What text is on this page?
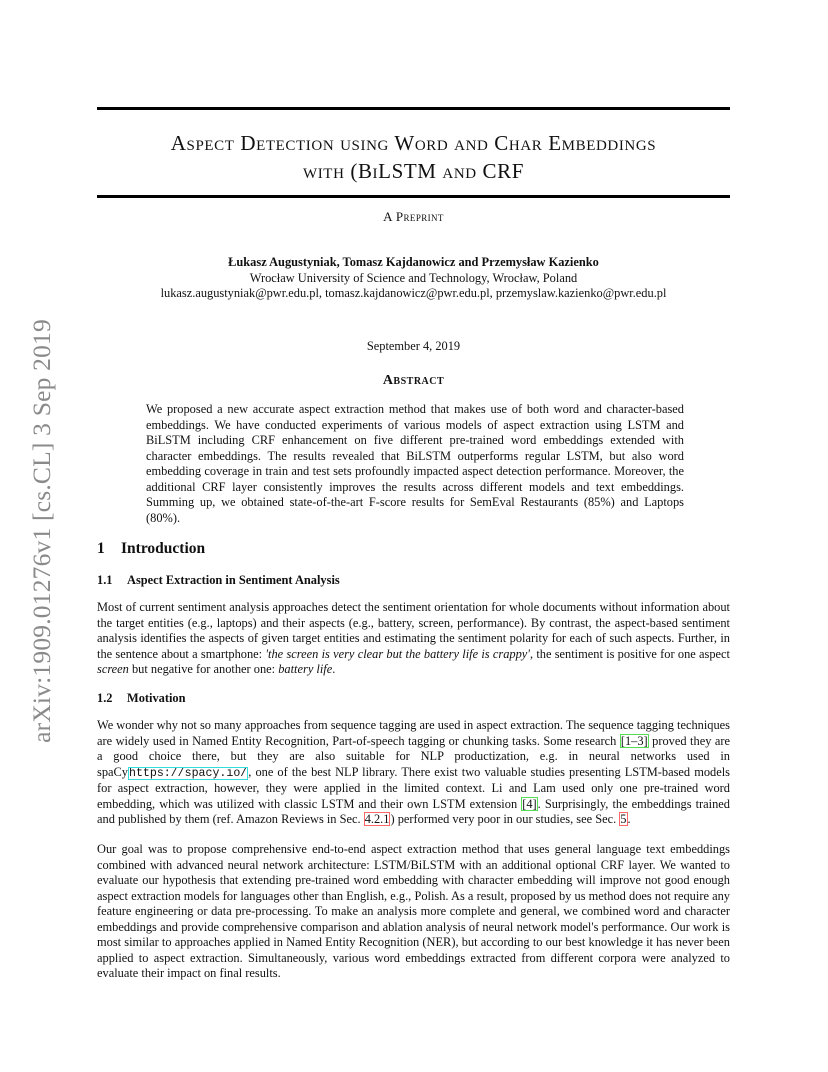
arXiv:1909.01276v1 [cs.CL] 3 Sep 2019
Aspect Detection using Word and Char Embeddings
with (BiLSTM and CRF
A Preprint
Łukasz Augustyniak, Tomasz Kajdanowicz and Przemysław Kazienko
Wrocław University of Science and Technology, Wrocław, Poland
lukasz.augustyniak@pwr.edu.pl, tomasz.kajdanowicz@pwr.edu.pl, przemyslaw.kazienko@pwr.edu.pl
September 4, 2019
Abstract
We proposed a new accurate aspect extraction method that makes use of both word and character-based embeddings. We have conducted experiments of various models of aspect extraction using LSTM and BiLSTM including CRF enhancement on five different pre-trained word embeddings extended with character embeddings. The results revealed that BiLSTM outperforms regular LSTM, but also word embedding coverage in train and test sets profoundly impacted aspect detection performance. Moreover, the additional CRF layer consistently improves the results across different models and text embeddings. Summing up, we obtained state-of-the-art F-score results for SemEval Restaurants (85%) and Laptops (80%).
1 Introduction
1.1 Aspect Extraction in Sentiment Analysis
Most of current sentiment analysis approaches detect the sentiment orientation for whole documents without information about the target entities (e.g., laptops) and their aspects (e.g., battery, screen, performance). By contrast, the aspect-based sentiment analysis identifies the aspects of given target entities and estimating the sentiment polarity for each of such aspects. Further, in the sentence about a smartphone: 'the screen is very clear but the battery life is crappy', the sentiment is positive for one aspect screen but negative for another one: battery life.
1.2 Motivation
We wonder why not so many approaches from sequence tagging are used in aspect extraction. The sequence tagging techniques are widely used in Named Entity Recognition, Part-of-speech tagging or chunking tasks. Some research [1–3] proved they are a good choice there, but they are also suitable for NLP productization, e.g. in neural networks used in spaCyhttps://spacy.io/, one of the best NLP library. There exist two valuable studies presenting LSTM-based models for aspect extraction, however, they were applied in the limited context. Li and Lam used only one pre-trained word embedding, which was utilized with classic LSTM and their own LSTM extension [4]. Surprisingly, the embeddings trained and published by them (ref. Amazon Reviews in Sec. 4.2.1) performed very poor in our studies, see Sec. 5.
Our goal was to propose comprehensive end-to-end aspect extraction method that uses general language text embeddings combined with advanced neural network architecture: LSTM/BiLSTM with an additional optional CRF layer. We wanted to evaluate our hypothesis that extending pre-trained word embedding with character embedding will improve not good enough aspect extraction models for languages other than English, e.g., Polish. As a result, proposed by us method does not require any feature engineering or data pre-processing. To make an analysis more complete and general, we combined word and character embeddings and provide comprehensive comparison and ablation analysis of neural network model's performance. Our work is most similar to approaches applied in Named Entity Recognition (NER), but according to our best knowledge it has never been applied to aspect extraction. Simultaneously, various word embeddings extracted from different corpora were analyzed to evaluate their impact on final results.
